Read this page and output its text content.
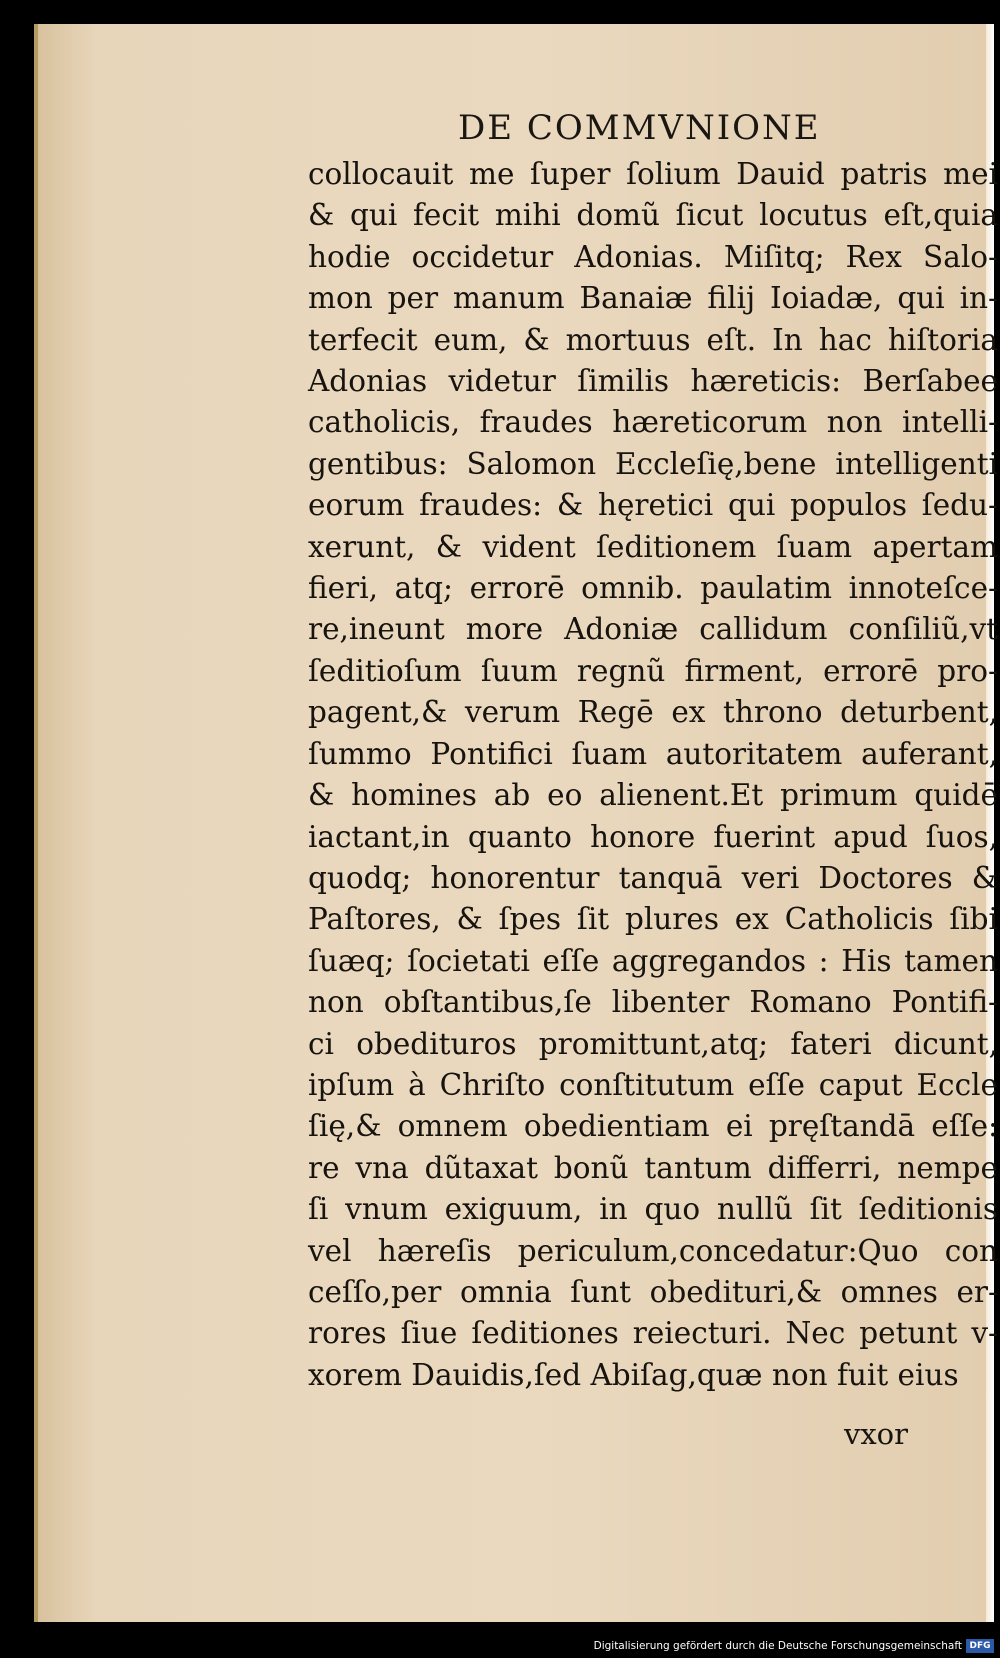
DE COMMVNIONE
collocauit me ſuper ſolium Dauid patris mei
& qui fecit mihi domũ ſicut locutus eſt,quia
hodie occidetur Adonias. Miſitq; Rex Salo-
mon per manum Banaiæ filij Ioiadæ, qui in-
terfecit eum, & mortuus eſt. In hac hiſtoria
Adonias videtur ſimilis hæreticis: Berſabee
catholicis, fraudes hæreticorum non intelli-
gentibus: Salomon Eccleſię,bene intelligenti
eorum fraudes: & hęretici qui populos ſedu-
xerunt, & vident ſeditionem ſuam apertam
fieri, atq; errorē omnib. paulatim innoteſce-
re,ineunt more Adoniæ callidum conſiliũ,vt
ſeditioſum ſuum regnũ firment, errorē pro-
pagent,& verum Regē ex throno deturbent,
ſummo Pontifici ſuam autoritatem auferant,
& homines ab eo alienent.Et primum quidē
iactant,in quanto honore fuerint apud ſuos,
quodq; honorentur tanquā veri Doctores &
Paſtores, & ſpes ſit plures ex Catholicis ſibi
ſuæq; ſocietati eſſe aggregandos : His tamen
non obſtantibus,ſe libenter Romano Pontifi-
ci obedituros promittunt,atq; fateri dicunt,
ipſum à Chriſto conſtitutum eſſe caput Eccle
ſię,& omnem obedientiam ei pręſtandā eſſe:
re vna dũtaxat bonũ tantum differri, nempe
ſi vnum exiguum, in quo nullũ ſit ſeditionis
vel hæreſis periculum,concedatur:Quo con
ceſſo,per omnia ſunt obedituri,& omnes er-
rores ſiue ſeditiones reiecturi. Nec petunt v-
xorem Dauidis,ſed Abiſag,quæ non fuit eius
vxor
Digitalisierung gefördert durch die Deutsche Forschungsgemeinschaft DFG
